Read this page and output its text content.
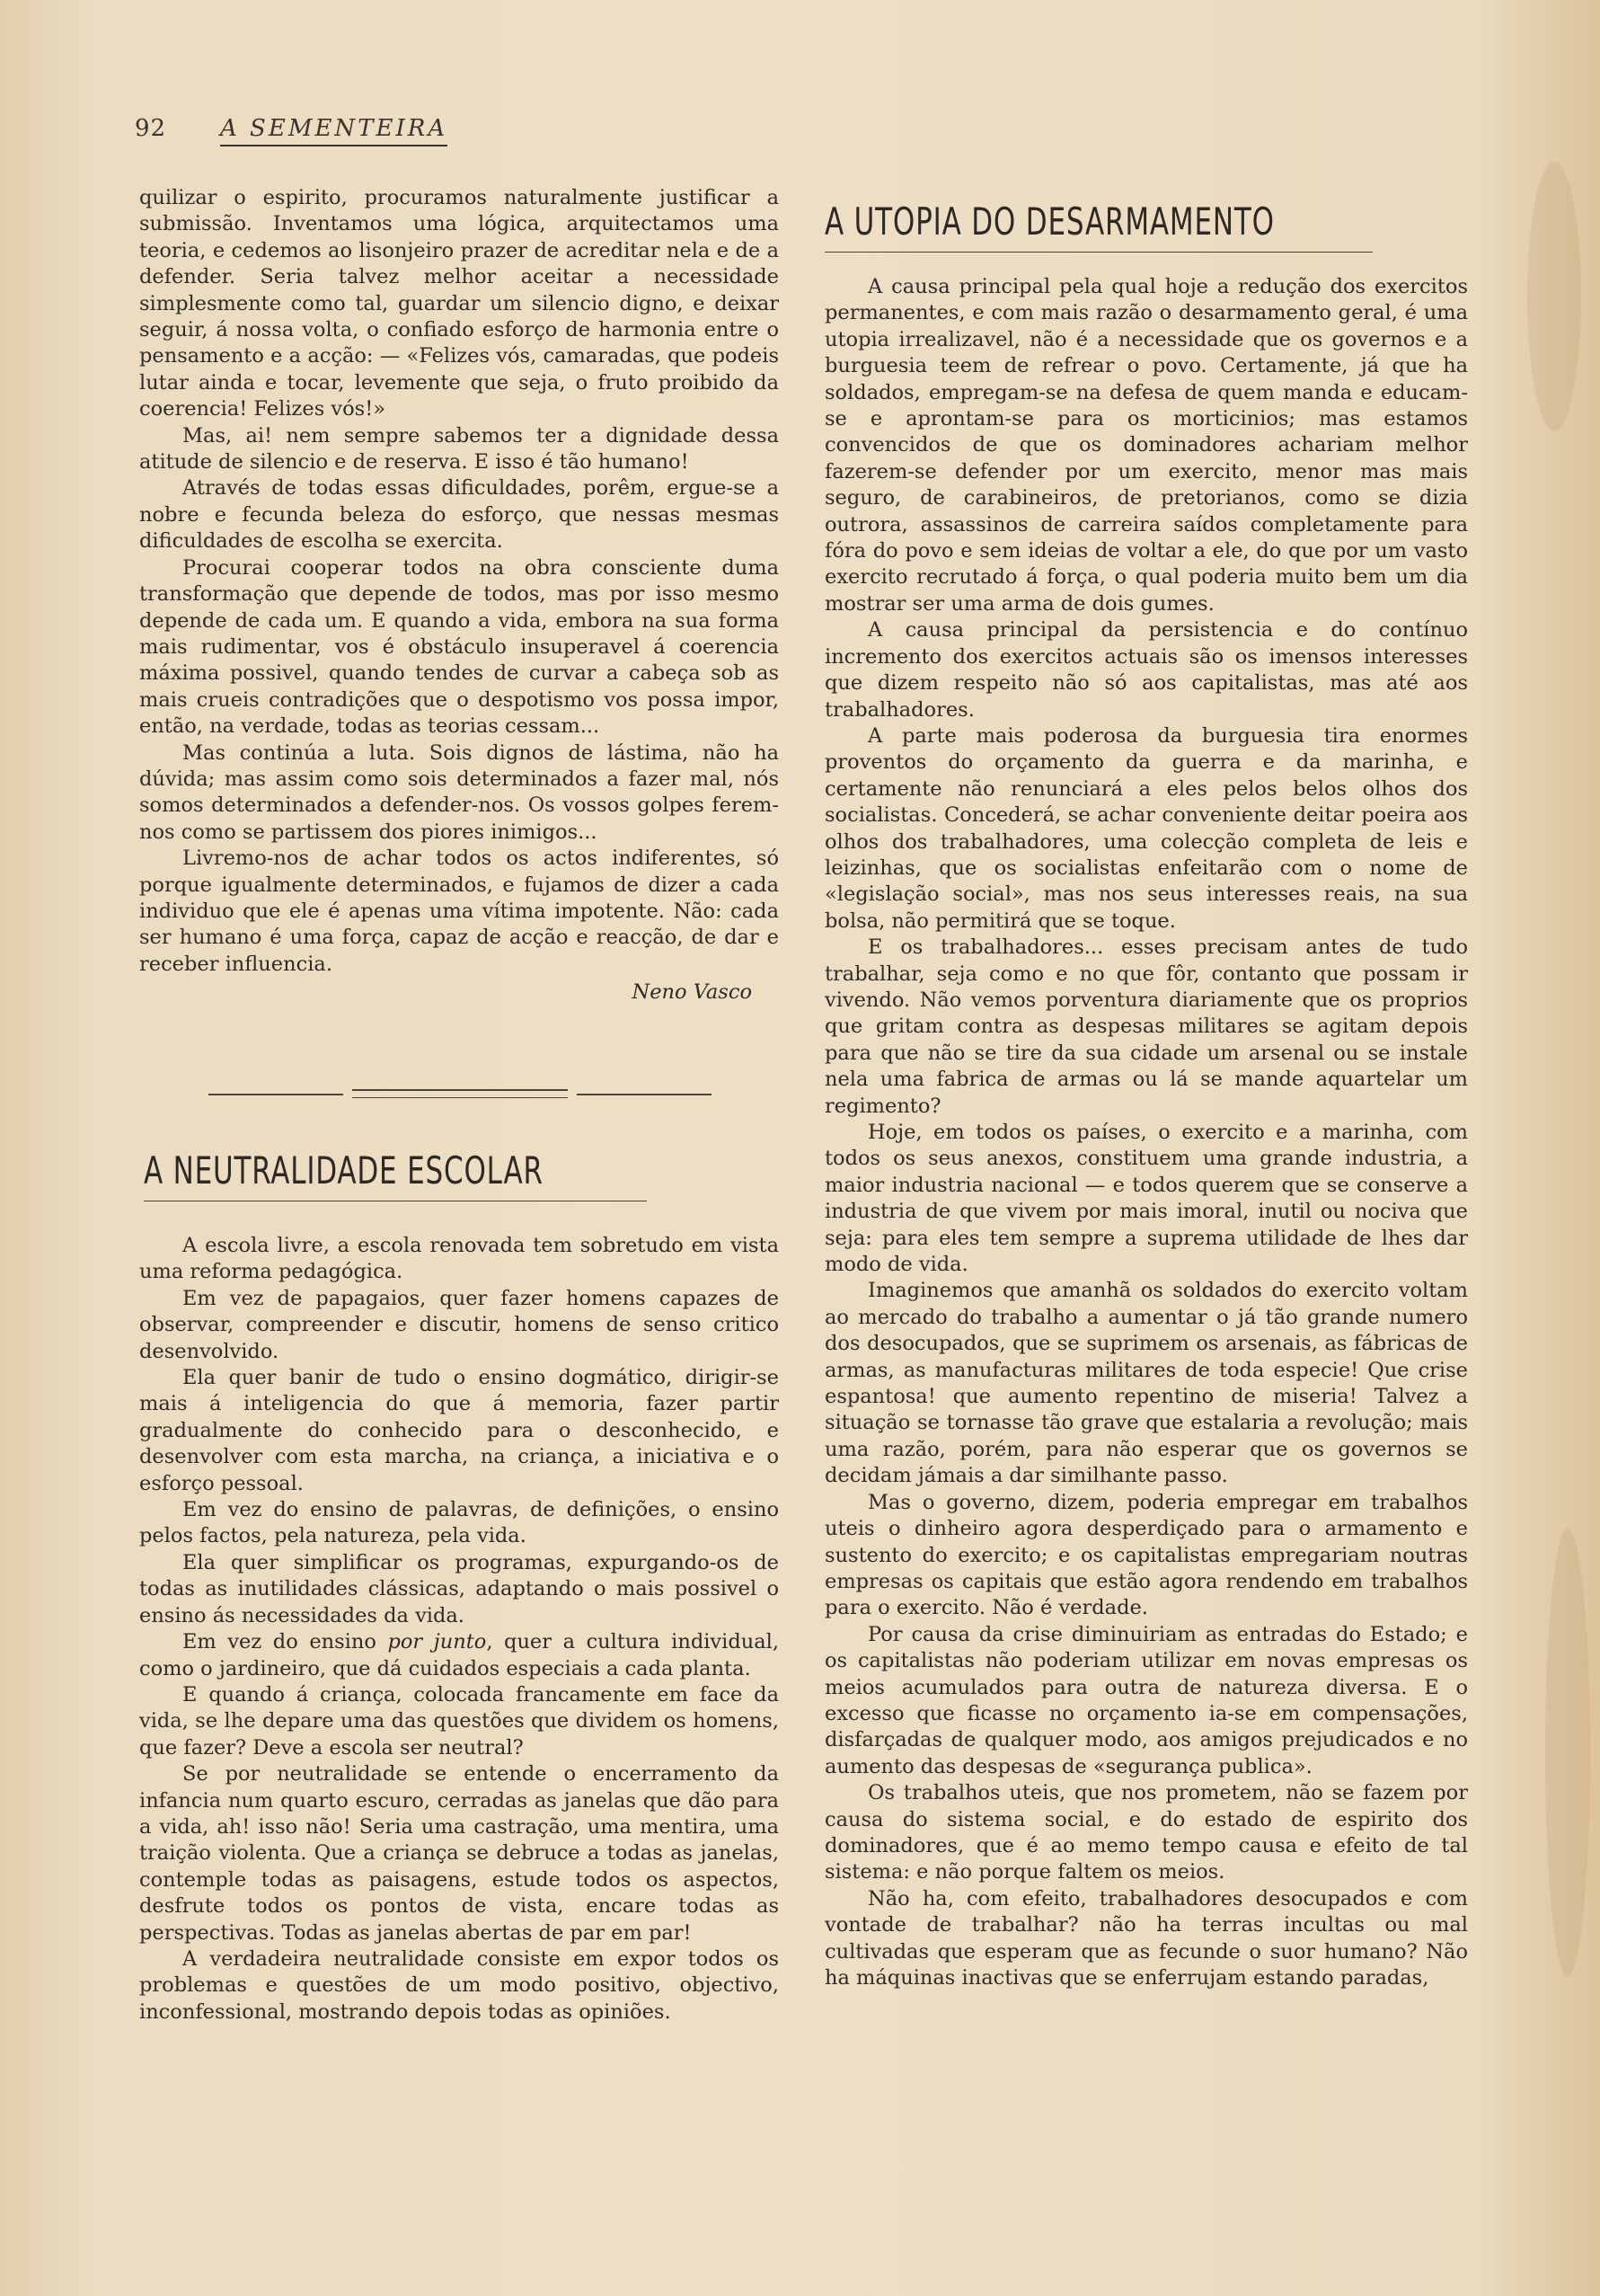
92 A SEMENTEIRA

quilizar o espirito, procuramos naturalmente justificar a submissão. Inventamos uma lógica, arquitectamos uma teoria, e cedemos ao lisonjeiro prazer de acreditar nela e de a defender. Seria talvez melhor aceitar a necessidade simplesmente como tal, guardar um silencio digno, e deixar seguir, á nossa volta, o confiado esforço de harmonia entre o pensamento e a acção: — «Felizes vós, camaradas, que podeis lutar ainda e tocar, levemente que seja, o fruto proibido da coerencia! Felizes vós!»

Mas, ai! nem sempre sabemos ter a dignidade dessa atitude de silencio e de reserva. E isso é tão humano!

Através de todas essas dificuldades, porêm, ergue-se a nobre e fecunda beleza do esforço, que nessas mesmas dificuldades de escolha se exercita.

Procurai cooperar todos na obra consciente duma transformação que depende de todos, mas por isso mesmo depende de cada um. E quando a vida, embora na sua forma mais rudimentar, vos é obstáculo insuperavel á coerencia máxima possivel, quando tendes de curvar a cabeça sob as mais crueis contradições que o despotismo vos possa impor, então, na verdade, todas as teorias cessam...

Mas continúa a luta. Sois dignos de lástima, não ha dúvida; mas assim como sois determinados a fazer mal, nós somos determinados a defender-nos. Os vossos golpes ferem-nos como se partissem dos piores inimigos...

Livremo-nos de achar todos os actos indiferentes, só porque igualmente determinados, e fujamos de dizer a cada individuo que ele é apenas uma vítima impotente. Não: cada ser humano é uma força, capaz de acção e reacção, de dar e receber influencia.

Neno Vasco
A NEUTRALIDADE ESCOLAR

A escola livre, a escola renovada tem sobretudo em vista uma reforma pedagógica.

Em vez de papagaios, quer fazer homens capazes de observar, compreender e discutir, homens de senso critico desenvolvido.

Ela quer banir de tudo o ensino dogmático, dirigir-se mais á inteligencia do que á memoria, fazer partir gradualmente do conhecido para o desconhecido, e desenvolver com esta marcha, na criança, a iniciativa e o esforço pessoal.

Em vez do ensino de palavras, de definições, o ensino pelos factos, pela natureza, pela vida.

Ela quer simplificar os programas, expurgando-os de todas as inutilidades clássicas, adaptando o mais possivel o ensino ás necessidades da vida.

Em vez do ensino por junto, quer a cultura individual, como o jardineiro, que dá cuidados especiais a cada planta.

E quando á criança, colocada francamente em face da vida, se lhe depare uma das questões que dividem os homens, que fazer? Deve a escola ser neutral?

Se por neutralidade se entende o encerramento da infancia num quarto escuro, cerradas as janelas que dão para a vida, ah! isso não! Seria uma castração, uma mentira, uma traição violenta. Que a criança se debruce a todas as janelas, contemple todas as paisagens, estude todos os aspectos, desfrute todos os pontos de vista, encare todas as perspectivas. Todas as janelas abertas de par em par!

A verdadeira neutralidade consiste em expor todos os problemas e questões de um modo positivo, objectivo, inconfessional, mostrando depois todas as opiniões.

A UTOPIA DO DESARMAMENTO

A causa principal pela qual hoje a redução dos exercitos permanentes, e com mais razão o desarmamento geral, é uma utopia irrealizavel, não é a necessidade que os governos e a burguesia teem de refrear o povo. Certamente, já que ha soldados, empregam-se na defesa de quem manda e educam-se e aprontam-se para os morticinios; mas estamos convencidos de que os dominadores achariam melhor fazerem-se defender por um exercito, menor mas mais seguro, de carabineiros, de pretorianos, como se dizia outrora, assassinos de carreira saídos completamente para fóra do povo e sem ideias de voltar a ele, do que por um vasto exercito recrutado á força, o qual poderia muito bem um dia mostrar ser uma arma de dois gumes.

A causa principal da persistencia e do contínuo incremento dos exercitos actuais são os imensos interesses que dizem respeito não só aos capitalistas, mas até aos trabalhadores.

A parte mais poderosa da burguesia tira enormes proventos do orçamento da guerra e da marinha, e certamente não renunciará a eles pelos belos olhos dos socialistas. Concederá, se achar conveniente deitar poeira aos olhos dos trabalhadores, uma colecção completa de leis e leizinhas, que os socialistas enfeitarão com o nome de «legislação social», mas nos seus interesses reais, na sua bolsa, não permitirá que se toque.

E os trabalhadores... esses precisam antes de tudo trabalhar, seja como e no que fôr, contanto que possam ir vivendo. Não vemos porventura diariamente que os proprios que gritam contra as despesas militares se agitam depois para que não se tire da sua cidade um arsenal ou se instale nela uma fabrica de armas ou lá se mande aquartelar um regimento?

Hoje, em todos os países, o exercito e a marinha, com todos os seus anexos, constituem uma grande industria, a maior industria nacional — e todos querem que se conserve a industria de que vivem por mais imoral, inutil ou nociva que seja: para eles tem sempre a suprema utilidade de lhes dar modo de vida.

Imaginemos que amanhã os soldados do exercito voltam ao mercado do trabalho a aumentar o já tão grande numero dos desocupados, que se suprimem os arsenais, as fábricas de armas, as manufacturas militares de toda especie! Que crise espantosa! que aumento repentino de miseria! Talvez a situação se tornasse tão grave que estalaria a revolução; mais uma razão, porém, para não esperar que os governos se decidam jámais a dar similhante passo.

Mas o governo, dizem, poderia empregar em trabalhos uteis o dinheiro agora desperdiçado para o armamento e sustento do exercito; e os capitalistas empregariam noutras empresas os capitais que estão agora rendendo em trabalhos para o exercito. Não é verdade.

Por causa da crise diminuiriam as entradas do Estado; e os capitalistas não poderiam utilizar em novas empresas os meios acumulados para outra de natureza diversa. E o excesso que ficasse no orçamento ia-se em compensações, disfarçadas de qualquer modo, aos amigos prejudicados e no aumento das despesas de «segurança publica».

Os trabalhos uteis, que nos prometem, não se fazem por causa do sistema social, e do estado de espirito dos dominadores, que é ao memo tempo causa e efeito de tal sistema: e não porque faltem os meios.

Não ha, com efeito, trabalhadores desocupados e com vontade de trabalhar? não ha terras incultas ou mal cultivadas que esperam que as fecunde o suor humano? Não ha máquinas inactivas que se enferrujam estando paradas,
